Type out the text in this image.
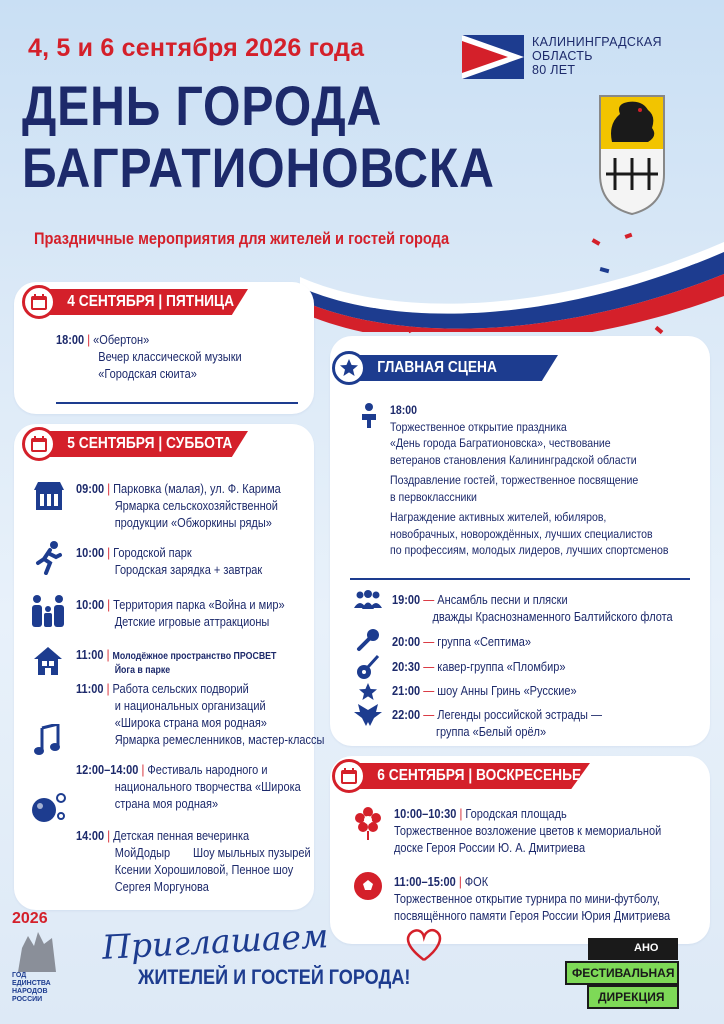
4, 5 и 6 сентября 2026 года
ДЕНЬ ГОРОДА
БАГРАТИОНОВСКА
Праздничные мероприятия для жителей и гостей города
КАЛИНИНГРАДСКАЯ
ОБЛАСТЬ
80 ЛЕТ
4 СЕНТЯБРЯ | ПЯТНИЦА
18:00 | «Обертон»
Вечер классической музыки
«Городская сюита»
5 СЕНТЯБРЯ | СУББОТА
09:00 | Парковка (малая), ул. Ф. Карима
Ярмарка сельскохозяйственной
продукции «Обжоркины ряды»
10:00 | Городской парк
Городская зарядка + завтрак
10:00 | Территория парка «Война и мир»
Детские игровые аттракционы
11:00 | Молодёжное пространство ПРОСВЕТ
Йога в парке
11:00 | Работа сельских подворий
и национальных организаций
«Широка страна моя родная»
Ярмарка ремесленников, мастер-классы
12:00–14:00 | Фестиваль народного и
национального творчества «Широка
страна моя родная»
14:00 | Детская пенная вечеринка
МойДодыр Шоу мыльных пузырей
Ксении Хорошиловой, Пенное шоу
Сергея Моргунова
ГЛАВНАЯ СЦЕНА
18:00
Торжественное открытие праздника
«День города Багратионовска», чествование
ветеранов становления Калининградской области
Поздравление гостей, торжественное посвящение
в первоклассники
Награждение активных жителей, юбиляров,
новобрачных, новорождённых, лучших специалистов
по профессиям, молодых лидеров, лучших спортсменов
19:00 — Ансамбль песни и пляски
дважды Краснознаменного Балтийского флота
20:00 — группа «Септима»
20:30 — кавер-группа «Пломбир»
21:00 — шоу Анны Гринь «Русские»
22:00 — Легенды российской эстрады —
группа «Белый орёл»
6 СЕНТЯБРЯ | ВОСКРЕСЕНЬЕ
10:00–10:30 | Городская площадь
Торжественное возложение цветов к мемориальной
доске Героя России Ю. А. Дмитриева
11:00–15:00 | ФОК
Торжественное открытие турнира по мини-футболу,
посвящённого памяти Героя России Юрия Дмитриева
2026
ГОД ЕДИНСТВА НАРОДОВ РОССИИ
Приглашаем
ЖИТЕЛЕЙ И ГОСТЕЙ ГОРОДА!
АНО
ФЕСТИВАЛЬНАЯ
ДИРЕКЦИЯ
